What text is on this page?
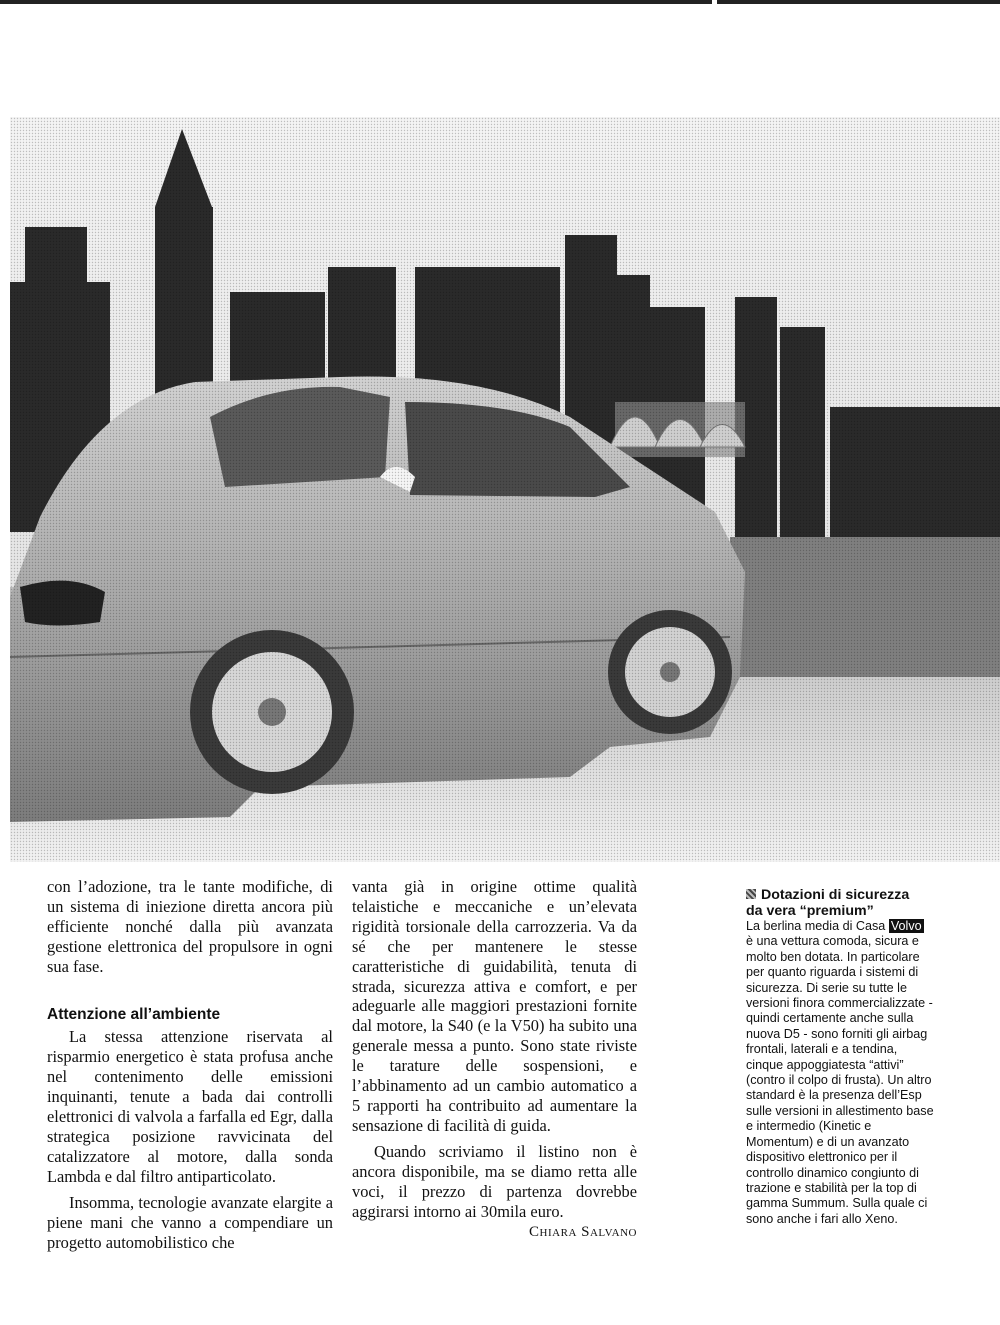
con l’adozione, tra le tante modifiche, di un sistema di iniezione diretta ancora più efficiente nonché dalla più avanzata gestione elettronica del propulsore in ogni sua fase.

Attenzione all’ambiente

La stessa attenzione riservata al risparmio energetico è stata profusa anche nel contenimento delle emissioni inquinanti, tenute a bada dai controlli elettronici di valvola a farfalla ed Egr, dalla strategica posizione ravvicinata del catalizzatore al motore, dalla sonda Lambda e dal filtro antiparticolato.

Insomma, tecnologie avanzate elargite a piene mani che vanno a compendiare un progetto automobilistico che

vanta già in origine ottime qualità telaistiche e meccaniche e un’elevata rigidità torsionale della carrozzeria. Va da sé che per mantenere le stesse caratteristiche di guidabilità, tenuta di strada, sicurezza attiva e comfort, e per adeguarle alle maggiori prestazioni fornite dal motore, la S40 (e la V50) ha subito una generale messa a punto. Sono state riviste le tarature delle sospensioni, e l’abbinamento ad un cambio automatico a 5 rapporti ha contribuito ad aumentare la sensazione di facilità di guida.

Quando scriviamo il listino non è ancora disponibile, ma se diamo retta alle voci, il prezzo di partenza dovrebbe aggirarsi intorno ai 30mila euro.

Chiara Salvano
Dotazioni di sicurezza
da vera “premium”
La berlina media di Casa Volvo è una vettura comoda, sicura e molto ben dotata. In particolare per quanto riguarda i sistemi di sicurezza. Di serie su tutte le versioni finora commercializzate - quindi certamente anche sulla nuova D5 - sono forniti gli airbag frontali, laterali e a tendina, cinque appoggiatesta “attivi” (contro il colpo di frusta). Un altro standard è la presenza dell’Esp sulle versioni in allestimento base e intermedio (Kinetic e Momentum) e di un avanzato dispositivo elettronico per il controllo dinamico congiunto di trazione e stabilità per la top di gamma Summum. Sulla quale ci sono anche i fari allo Xeno.
